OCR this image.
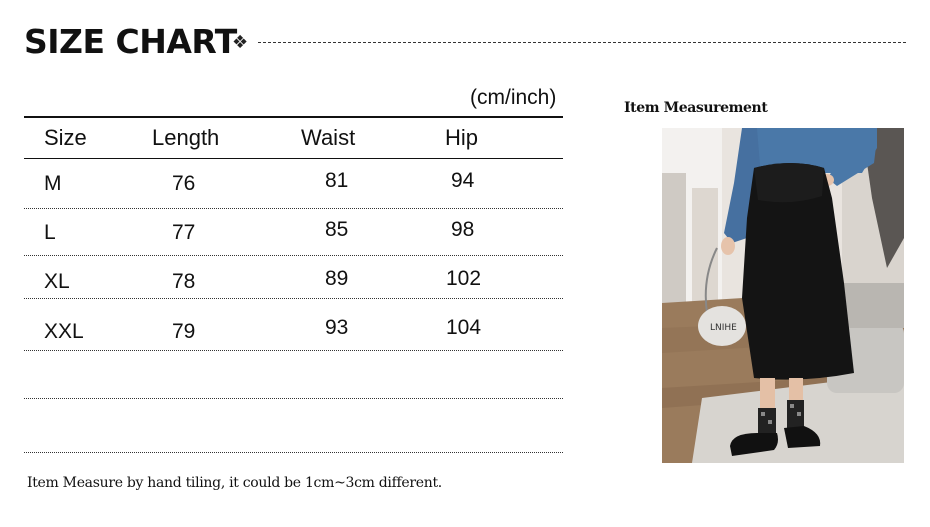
SIZE CHART
❖
(cm/inch)
Size	Length	Waist	Hip
M	76	81	94
L	77	85	98
XL	78	89	102
XXL	79	93	104
Item Measurement
LNIHE
Item Measure by hand tiling, it could be 1cm~3cm different.
